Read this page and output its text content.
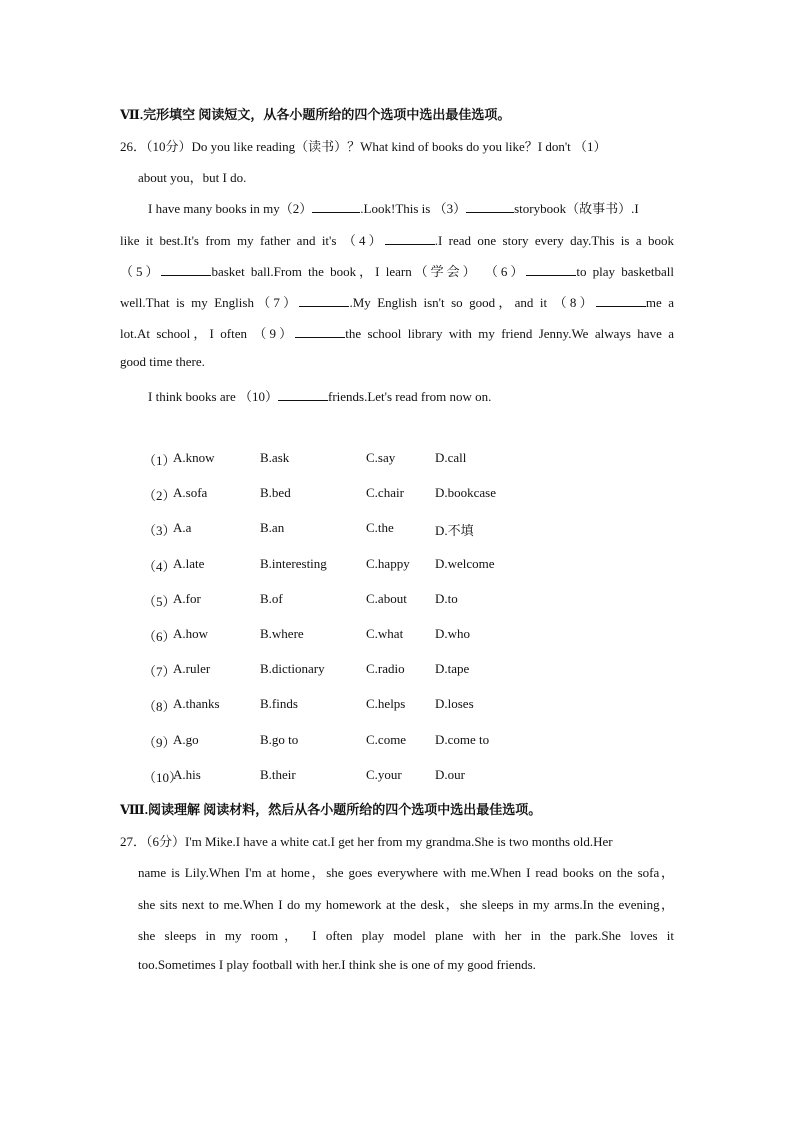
Ⅶ.完形填空 阅读短文，从各小题所给的四个选项中选出最佳选项。
26．（10分）Do you like reading（读书）？What kind of books do you like？I don't （1）
about you，but I do.
I have many books in my（2）	.Look!This is （3）	storybook（故事书）.I
like it best.It's from my father and it's （4）	.I read one story every day.This is a book
（5）	basket ball.From the book，I learn（学会） （6）	to play basketball
well.That is my English（7）	.My English isn't so good，and it （8）	me a
lot.At school，I often （9）	the school library with my friend Jenny.We always have a
good time there.
I think books are （10）	friends.Let's read from now on.
（1）
A.know	B.ask	C.say	D.call
（2）
A.sofa	B.bed	C.chair D.bookcase
（3）
A.a	B.an	C.the	D.不填
（4）
A.late	B.interesting	C.happy D.welcome
（5）
A.for	B.of	C.about D.to
（6）
A.how	B.where	C.what D.who
（7）
A.ruler	B.dictionary	C.radio D.tape
（8）
A.thanks	B.finds	C.helps D.loses
（9）
A.go	B.go to	C.come D.come to
（10）
A.his	B.their	C.your	D.our
Ⅷ.阅读理解 阅读材料，然后从各小题所给的四个选项中选出最佳选项。
27．（6分）I'm Mike.I have a white cat.I get her from my grandma.She is two months old.Her
name is Lily.When I'm at home，she goes everywhere with me.When I read books on the sofa，
she sits next to me.When I do my homework at the desk，she sleeps in my arms.In the evening，
she sleeps in my room， I often play model plane with her in the park.She loves it
too.Sometimes I play football with her.I think she is one of my good friends.
